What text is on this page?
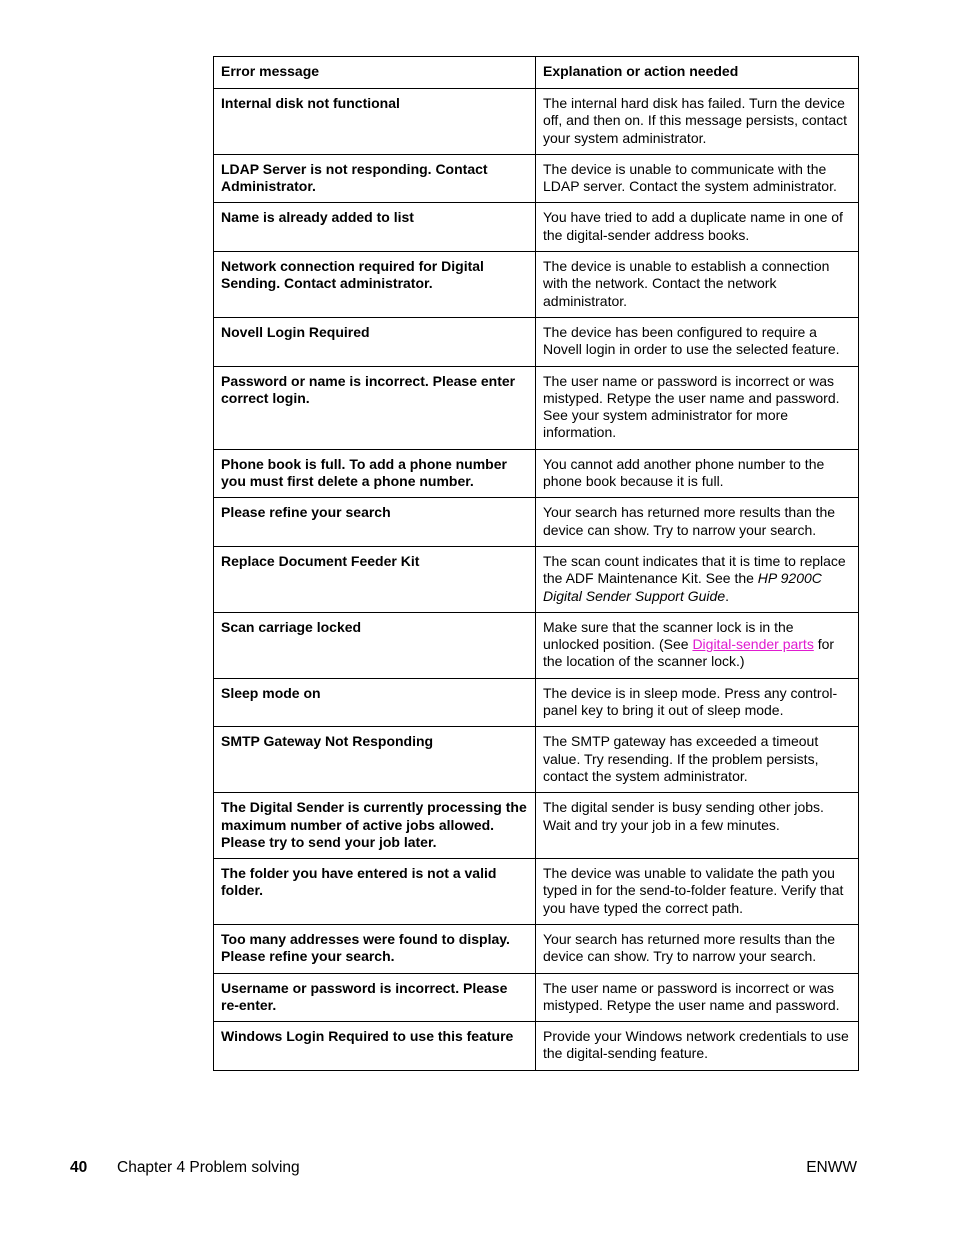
Error message	Explanation or action needed
Internal disk not functional	The internal hard disk has failed. Turn the device off, and then on. If this message persists, contact your system administrator.
LDAP Server is not responding. Contact Administrator.	The device is unable to communicate with the LDAP server. Contact the system administrator.
Name is already added to list	You have tried to add a duplicate name in one of the digital-sender address books.
Network connection required for Digital Sending. Contact administrator.	The device is unable to establish a connection with the network. Contact the network administrator.
Novell Login Required	The device has been configured to require a Novell login in order to use the selected feature.
Password or name is incorrect. Please enter correct login.	The user name or password is incorrect or was mistyped. Retype the user name and password. See your system administrator for more information.
Phone book is full. To add a phone number you must first delete a phone number.	You cannot add another phone number to the phone book because it is full.
Please refine your search	Your search has returned more results than the device can show. Try to narrow your search.
Replace Document Feeder Kit	The scan count indicates that it is time to replace the ADF Maintenance Kit. See the HP 9200C Digital Sender Support Guide.
Scan carriage locked	Make sure that the scanner lock is in the unlocked position. (See Digital-sender parts for the location of the scanner lock.)
Sleep mode on	The device is in sleep mode. Press any control-panel key to bring it out of sleep mode.
SMTP Gateway Not Responding	The SMTP gateway has exceeded a timeout value. Try resending. If the problem persists, contact the system administrator.
The Digital Sender is currently processing the maximum number of active jobs allowed. Please try to send your job later.	The digital sender is busy sending other jobs. Wait and try your job in a few minutes.
The folder you have entered is not a valid folder.	The device was unable to validate the path you typed in for the send-to-folder feature. Verify that you have typed the correct path.
Too many addresses were found to display. Please refine your search.	Your search has returned more results than the device can show. Try to narrow your search.
Username or password is incorrect. Please re-enter.	The user name or password is incorrect or was mistyped. Retype the user name and password.
Windows Login Required to use this feature	Provide your Windows network credentials to use the digital-sending feature.
40 Chapter 4 Problem solving	ENWW
